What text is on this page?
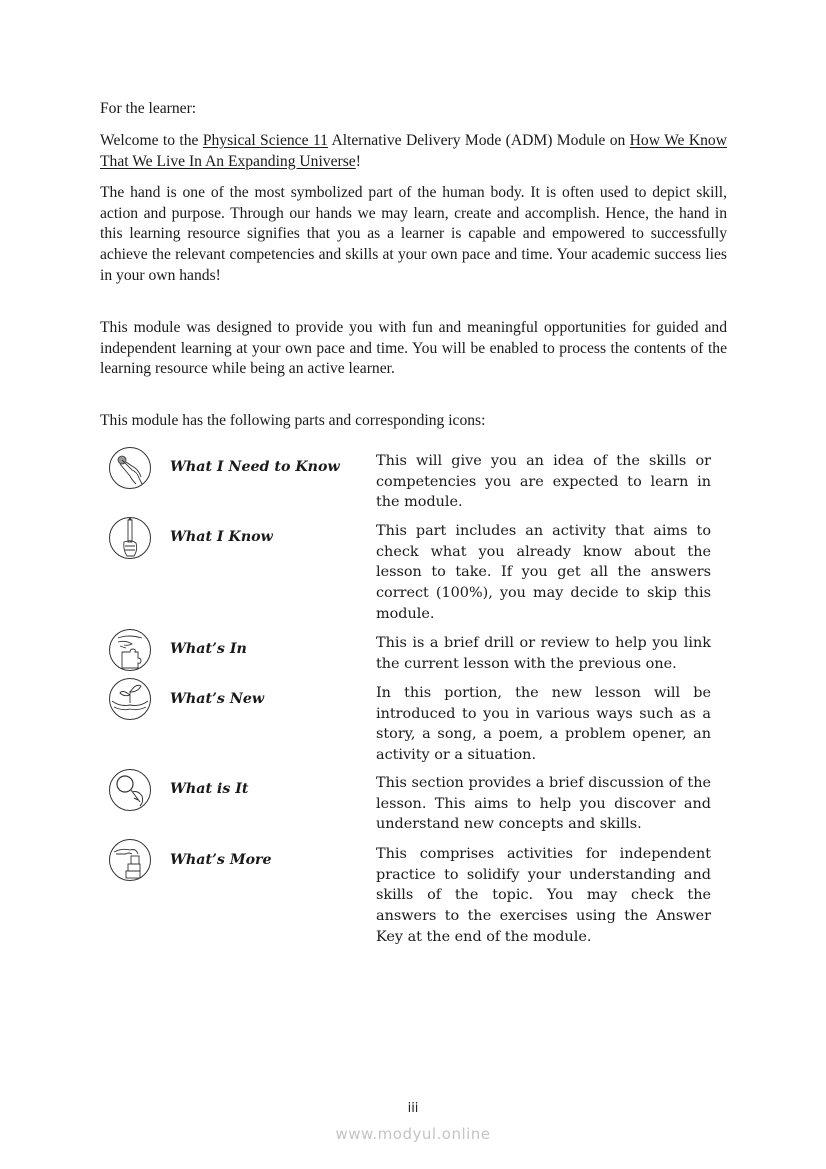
For the learner:

Welcome to the Physical Science 11 Alternative Delivery Mode (ADM) Module on How We Know That We Live In An Expanding Universe!

The hand is one of the most symbolized part of the human body. It is often used to depict skill, action and purpose. Through our hands we may learn, create and accomplish. Hence, the hand in this learning resource signifies that you as a learner is capable and empowered to successfully achieve the relevant competencies and skills at your own pace and time. Your academic success lies in your own hands!

This module was designed to provide you with fun and meaningful opportunities for guided and independent learning at your own pace and time. You will be enabled to process the contents of the learning resource while being an active learner.

This module has the following parts and corresponding icons:

What I Need to Know	This will give you an idea of the skills or competencies you are expected to learn in the module.

What I Know	This part includes an activity that aims to check what you already know about the lesson to take. If you get all the answers correct (100%), you may decide to skip this module.

What’s In	This is a brief drill or review to help you link the current lesson with the previous one.

What’s New	In this portion, the new lesson will be introduced to you in various ways such as a story, a song, a poem, a problem opener, an activity or a situation.

What is It	This section provides a brief discussion of the lesson. This aims to help you discover and understand new concepts and skills.

What’s More	This comprises activities for independent practice to solidify your understanding and skills of the topic. You may check the answers to the exercises using the Answer Key at the end of the module.

iii
www.modyul.online
